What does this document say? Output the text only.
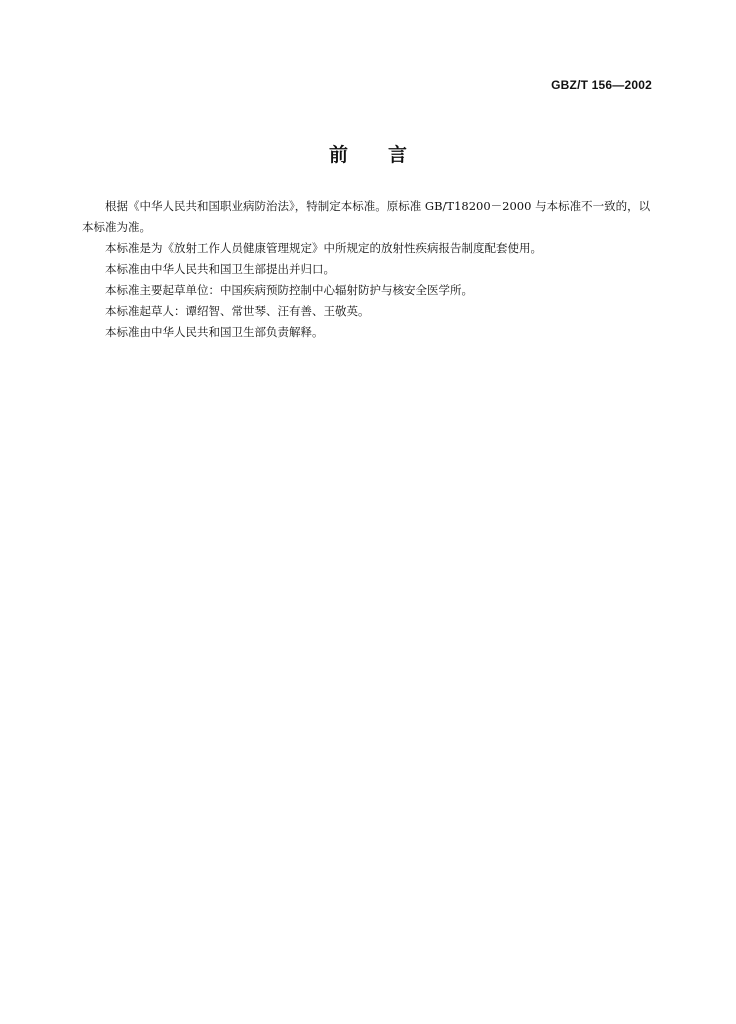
GBZ/T 156—2002
前 言

根据《中华人民共和国职业病防治法》，特制定本标准。原标准 GB/T18200－2000 与本标准不一致的，以本标准为准。

本标准是为《放射工作人员健康管理规定》中所规定的放射性疾病报告制度配套使用。

本标准由中华人民共和国卫生部提出并归口。

本标准主要起草单位：中国疾病预防控制中心辐射防护与核安全医学所。

本标准起草人：谭绍智、常世琴、汪有善、王敬英。

本标准由中华人民共和国卫生部负责解释。
